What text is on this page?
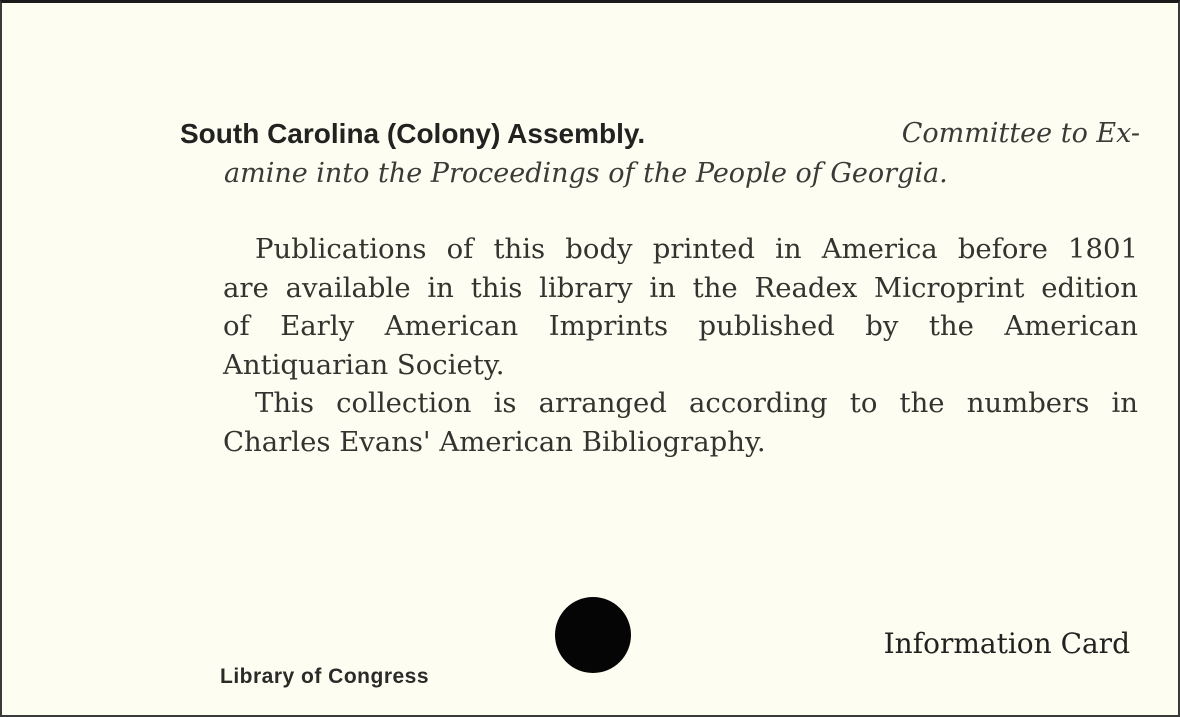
South Carolina (Colony) Assembly.	Committee to Ex-
amine into the Proceedings of the People of Georgia.
Publications of this body printed in America before 1801
are available in this library in the Readex Microprint edition
of Early American Imprints published by the American
Antiquarian Society.
This collection is arranged according to the numbers in
Charles Evans' American Bibliography.
Library of Congress
Information Card
